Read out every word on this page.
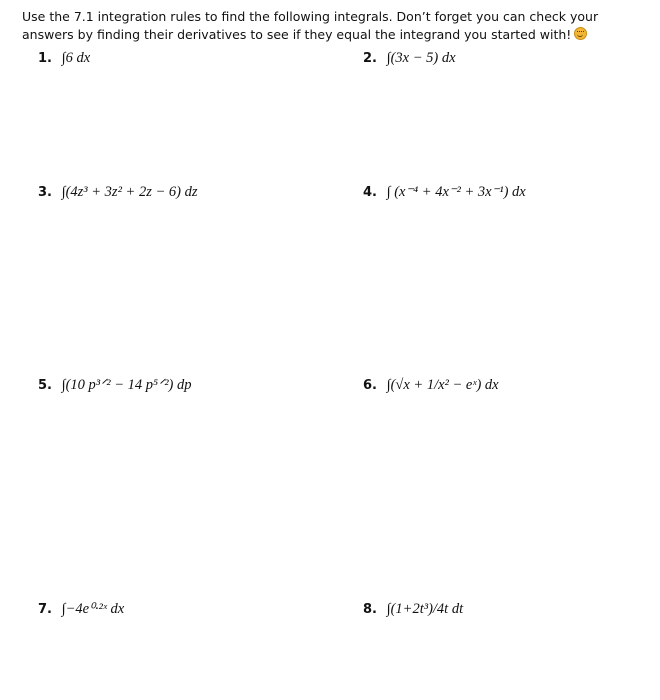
Use the 7.1 integration rules to find the following integrals. Don’t forget you can check your answers by finding their derivatives to see if they equal the integrand you started with!
1. ∫6 dx	2. ∫(3x − 5) dx
3. ∫(4z³ + 3z² + 2z − 6) dz	4. ∫ (x⁻⁴ + 4x⁻² + 3x⁻¹) dx
5. ∫(10 p³ᐟ² − 14 p⁵ᐟ²) dp	6. ∫(√x + 1/x² − eˣ) dx
7. ∫−4e⁰·²ˣ dx	8. ∫(1+2t³)/4t dt
